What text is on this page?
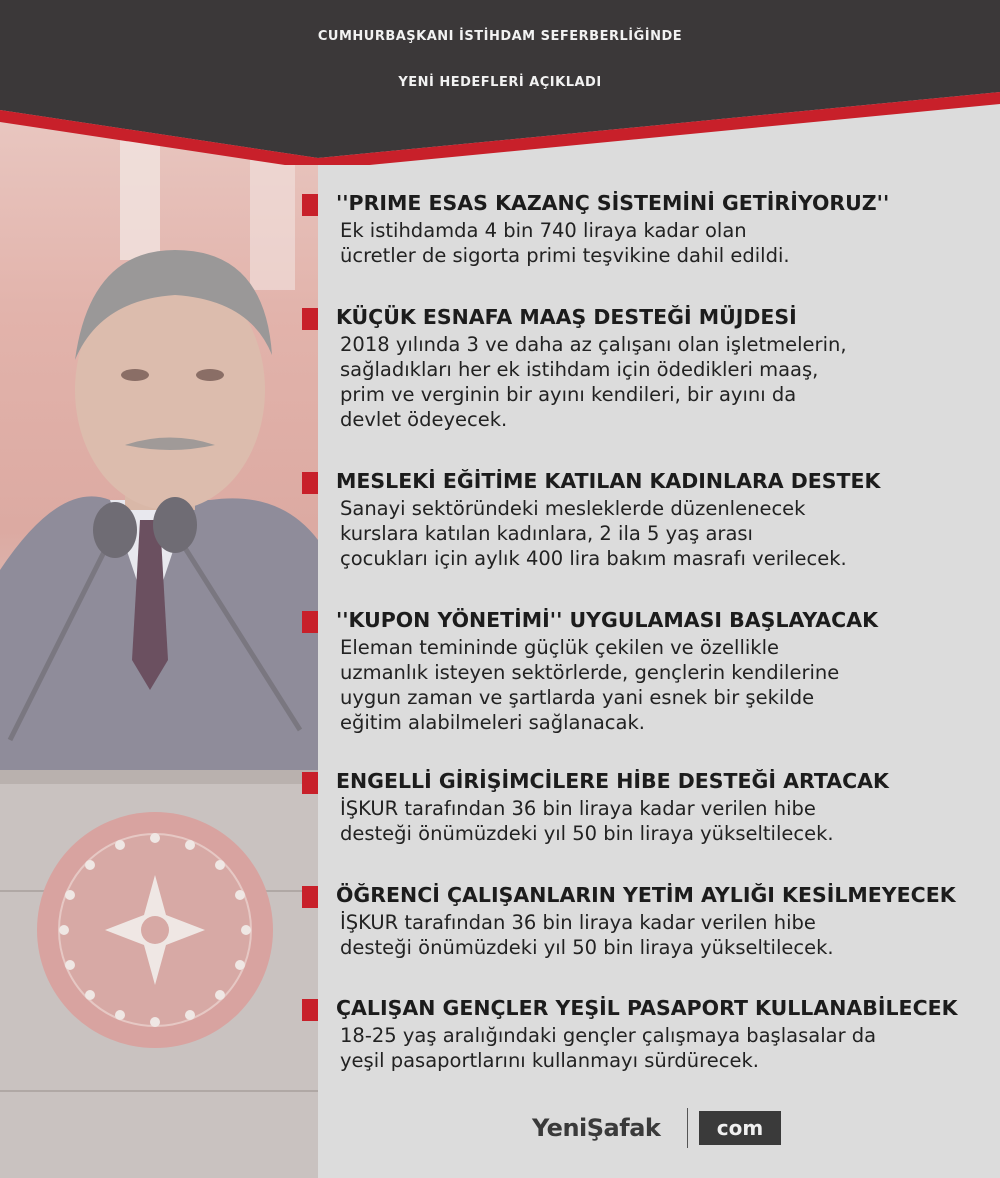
CUMHURBAŞKANI İSTİHDAM SEFERBERLİĞİNDE
YENİ HEDEFLERİ AÇIKLADI
''PRIME ESAS KAZANÇ SİSTEMİNİ GETİRİYORUZ''
Ek istihdamda 4 bin 740 liraya kadar olan
ücretler de sigorta primi teşvikine dahil edildi.
KÜÇÜK ESNAFA MAAŞ DESTEĞİ MÜJDESİ
2018 yılında 3 ve daha az çalışanı olan işletmelerin,
sağladıkları her ek istihdam için ödedikleri maaş,
prim ve verginin bir ayını kendileri, bir ayını da
devlet ödeyecek.
MESLEKİ EĞİTİME KATILAN KADINLARA DESTEK
Sanayi sektöründeki mesleklerde düzenlenecek
kurslara katılan kadınlara, 2 ila 5 yaş arası
çocukları için aylık 400 lira bakım masrafı verilecek.
''KUPON YÖNETİMİ'' UYGULAMASI BAŞLAYACAK
Eleman temininde güçlük çekilen ve özellikle
uzmanlık isteyen sektörlerde, gençlerin kendilerine
uygun zaman ve şartlarda yani esnek bir şekilde
eğitim alabilmeleri sağlanacak.
ENGELLİ GİRİŞİMCİLERE HİBE DESTEĞİ ARTACAK
İŞKUR tarafından 36 bin liraya kadar verilen hibe
desteği önümüzdeki yıl 50 bin liraya yükseltilecek.
ÖĞRENCİ ÇALIŞANLARIN YETİM AYLIĞI KESİLMEYECEK
İŞKUR tarafından 36 bin liraya kadar verilen hibe
desteği önümüzdeki yıl 50 bin liraya yükseltilecek.
ÇALIŞAN GENÇLER YEŞİL PASAPORT KULLANABİLECEK
18-25 yaş aralığındaki gençler çalışmaya başlasalar da
yeşil pasaportlarını kullanmayı sürdürecek.
YeniŞafak	com
